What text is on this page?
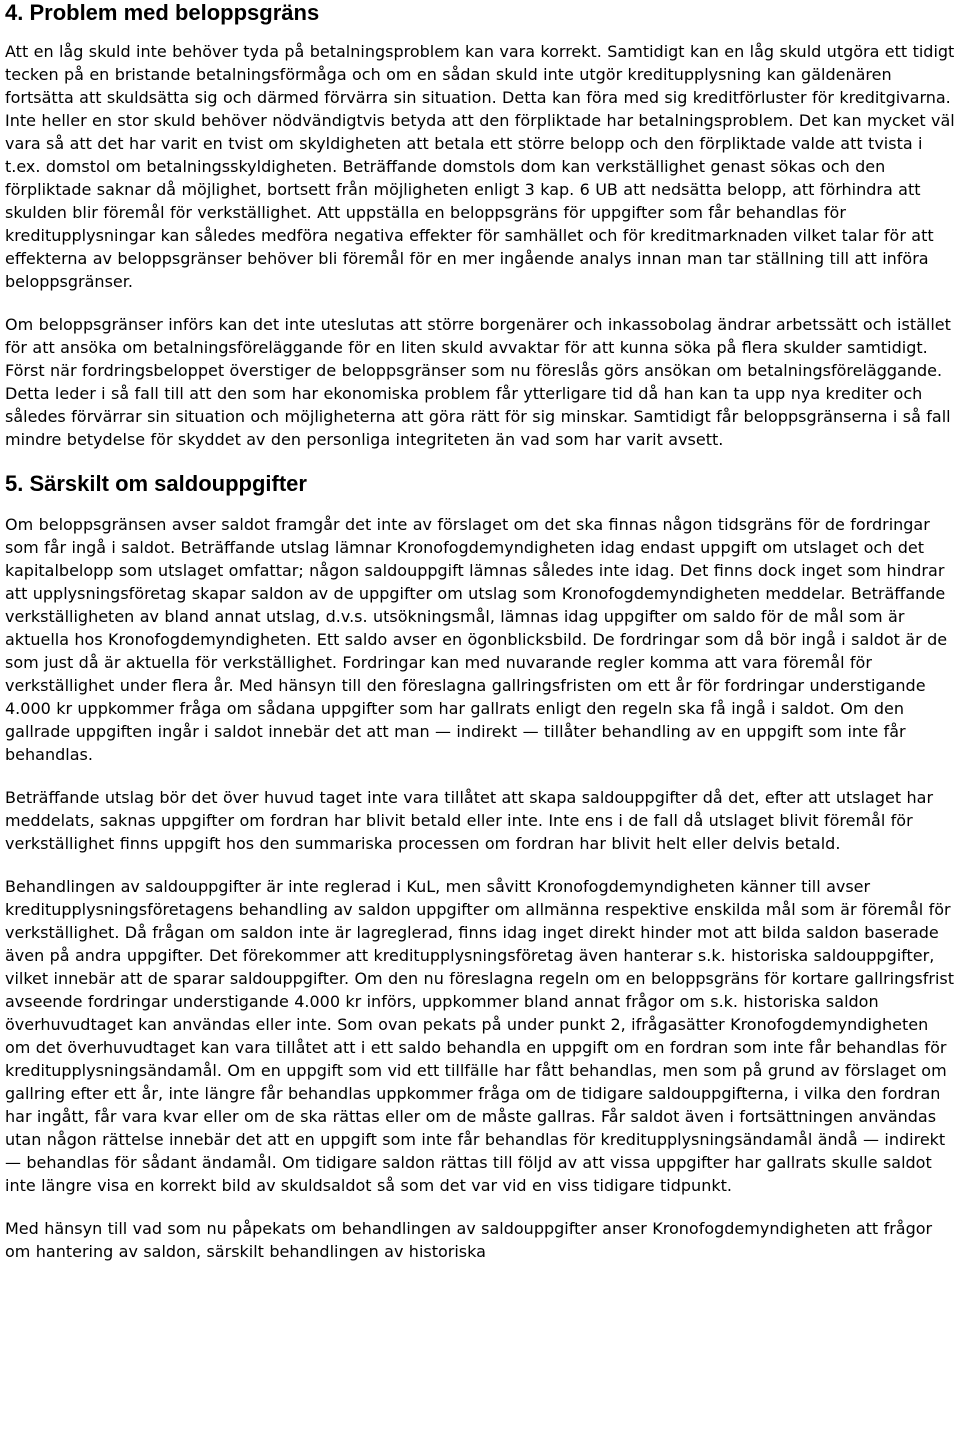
4. Problem med beloppsgräns

Att en låg skuld inte behöver tyda på betalningsproblem kan vara korrekt. Samtidigt kan en låg skuld utgöra ett tidigt tecken på en bristande betalningsförmåga och om en sådan skuld inte utgör kreditupplysning kan gäldenären fortsätta att skuldsätta sig och därmed förvärra sin situation. Detta kan föra med sig kreditförluster för kreditgivarna. Inte heller en stor skuld behöver nödvändigtvis betyda att den förpliktade har betalningsproblem. Det kan mycket väl vara så att det har varit en tvist om skyldigheten att betala ett större belopp och den förpliktade valde att tvista i t.ex. domstol om betalningsskyldigheten. Beträffande domstols dom kan verkställighet genast sökas och den förpliktade saknar då möjlighet, bortsett från möjligheten enligt 3 kap. 6 UB att nedsätta belopp, att förhindra att skulden blir föremål för verkställighet. Att uppställa en beloppsgräns för uppgifter som får behandlas för kreditupplysningar kan således medföra negativa effekter för samhället och för kreditmarknaden vilket talar för att effekterna av beloppsgränser behöver bli föremål för en mer ingående analys innan man tar ställning till att införa beloppsgränser.

Om beloppsgränser införs kan det inte uteslutas att större borgenärer och inkassobolag ändrar arbetssätt och istället för att ansöka om betalningsföreläggande för en liten skuld avvaktar för att kunna söka på flera skulder samtidigt. Först när fordringsbeloppet överstiger de beloppsgränser som nu föreslås görs ansökan om betalningsföreläggande. Detta leder i så fall till att den som har ekonomiska problem får ytterligare tid då han kan ta upp nya krediter och således förvärrar sin situation och möjligheterna att göra rätt för sig minskar. Samtidigt får beloppsgränserna i så fall mindre betydelse för skyddet av den personliga integriteten än vad som har varit avsett.

5. Särskilt om saldouppgifter

Om beloppsgränsen avser saldot framgår det inte av förslaget om det ska finnas någon tidsgräns för de fordringar som får ingå i saldot. Beträffande utslag lämnar Kronofogdemyndigheten idag endast uppgift om utslaget och det kapitalbelopp som utslaget omfattar; någon saldouppgift lämnas således inte idag. Det finns dock inget som hindrar att upplysningsföretag skapar saldon av de uppgifter om utslag som Kronofogdemyndigheten meddelar. Beträffande verkställigheten av bland annat utslag, d.v.s. utsökningsmål, lämnas idag uppgifter om saldo för de mål som är aktuella hos Kronofogdemyndigheten. Ett saldo avser en ögonblicksbild. De fordringar som då bör ingå i saldot är de som just då är aktuella för verkställighet. Fordringar kan med nuvarande regler komma att vara föremål för verkställighet under flera år. Med hänsyn till den föreslagna gallringsfristen om ett år för fordringar understigande 4.000 kr uppkommer fråga om sådana uppgifter som har gallrats enligt den regeln ska få ingå i saldot. Om den gallrade uppgiften ingår i saldot innebär det att man — indirekt — tillåter behandling av en uppgift som inte får behandlas.

Beträffande utslag bör det över huvud taget inte vara tillåtet att skapa saldouppgifter då det, efter att utslaget har meddelats, saknas uppgifter om fordran har blivit betald eller inte. Inte ens i de fall då utslaget blivit föremål för verkställighet finns uppgift hos den summariska processen om fordran har blivit helt eller delvis betald.

Behandlingen av saldouppgifter är inte reglerad i KuL, men såvitt Kronofogdemyndigheten känner till avser kreditupplysningsföretagens behandling av saldon uppgifter om allmänna respektive enskilda mål som är föremål för verkställighet. Då frågan om saldon inte är lagreglerad, finns idag inget direkt hinder mot att bilda saldon baserade även på andra uppgifter. Det förekommer att kreditupplysningsföretag även hanterar s.k. historiska saldouppgifter, vilket innebär att de sparar saldouppgifter. Om den nu föreslagna regeln om en beloppsgräns för kortare gallringsfrist avseende fordringar understigande 4.000 kr införs, uppkommer bland annat frågor om s.k. historiska saldon överhuvudtaget kan användas eller inte. Som ovan pekats på under punkt 2, ifrågasätter Kronofogdemyndigheten om det överhuvudtaget kan vara tillåtet att i ett saldo behandla en uppgift om en fordran som inte får behandlas för kreditupplysningsändamål. Om en uppgift som vid ett tillfälle har fått behandlas, men som på grund av förslaget om gallring efter ett år, inte längre får behandlas uppkommer fråga om de tidigare saldouppgifterna, i vilka den fordran har ingått, får vara kvar eller om de ska rättas eller om de måste gallras. Får saldot även i fortsättningen användas utan någon rättelse innebär det att en uppgift som inte får behandlas för kreditupplysningsändamål ändå — indirekt — behandlas för sådant ändamål. Om tidigare saldon rättas till följd av att vissa uppgifter har gallrats skulle saldot inte längre visa en korrekt bild av skuldsaldot så som det var vid en viss tidigare tidpunkt.

Med hänsyn till vad som nu påpekats om behandlingen av saldouppgifter anser Kronofogdemyndigheten att frågor om hantering av saldon, särskilt behandlingen av historiska
